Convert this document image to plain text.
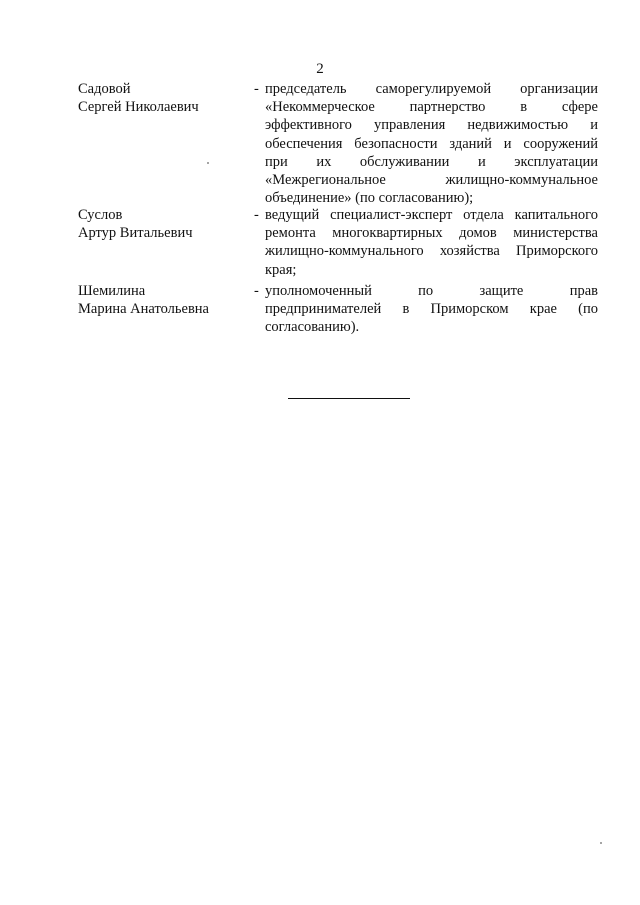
2
Садовой
Сергей Николаевич
- председатель саморегулируемой организации
«Некоммерческое партнерство в сфере
эффективного управления недвижимостью и
обеспечения безопасности зданий и сооружений
при их обслуживании и эксплуатации
«Межрегиональное жилищно-коммунальное
объединение» (по согласованию);
Суслов
Артур Витальевич
- ведущий специалист-эксперт отдела капитального
ремонта многоквартирных домов министерства
жилищно-коммунального хозяйства Приморского
края;
Шемилина
Марина Анатольевна
- уполномоченный по защите прав
предпринимателей в Приморском крае (по
согласованию).
